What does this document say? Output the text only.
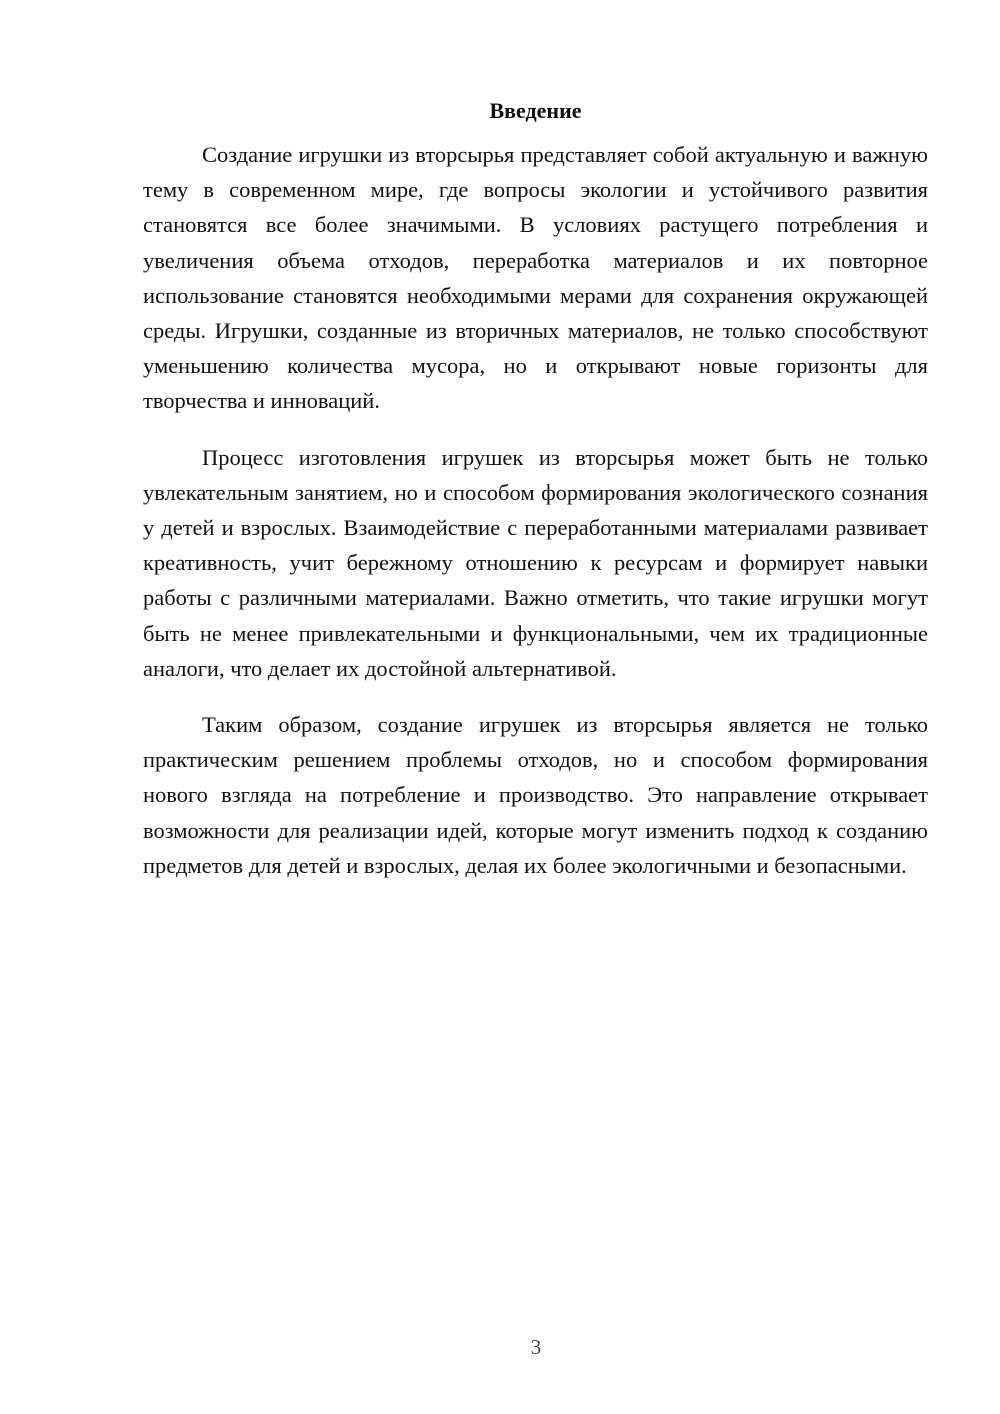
Введение

Создание игрушки из вторсырья представляет собой актуальную и важную тему в современном мире, где вопросы экологии и устойчивого развития становятся все более значимыми. В условиях растущего потребления и увеличения объема отходов, переработка материалов и их повторное использование становятся необходимыми мерами для сохранения окружающей среды. Игрушки, созданные из вторичных материалов, не только способствуют уменьшению количества мусора, но и открывают новые горизонты для творчества и инноваций.

Процесс изготовления игрушек из вторсырья может быть не только увлекательным занятием, но и способом формирования экологического сознания у детей и взрослых. Взаимодействие с переработанными материалами развивает креативность, учит бережному отношению к ресурсам и формирует навыки работы с различными материалами. Важно отметить, что такие игрушки могут быть не менее привлекательными и функциональными, чем их традиционные аналоги, что делает их достойной альтернативой.

Таким образом, создание игрушек из вторсырья является не только практическим решением проблемы отходов, но и способом формирования нового взгляда на потребление и производство. Это направление открывает возможности для реализации идей, которые могут изменить подход к созданию предметов для детей и взрослых, делая их более экологичными и безопасными.

3
